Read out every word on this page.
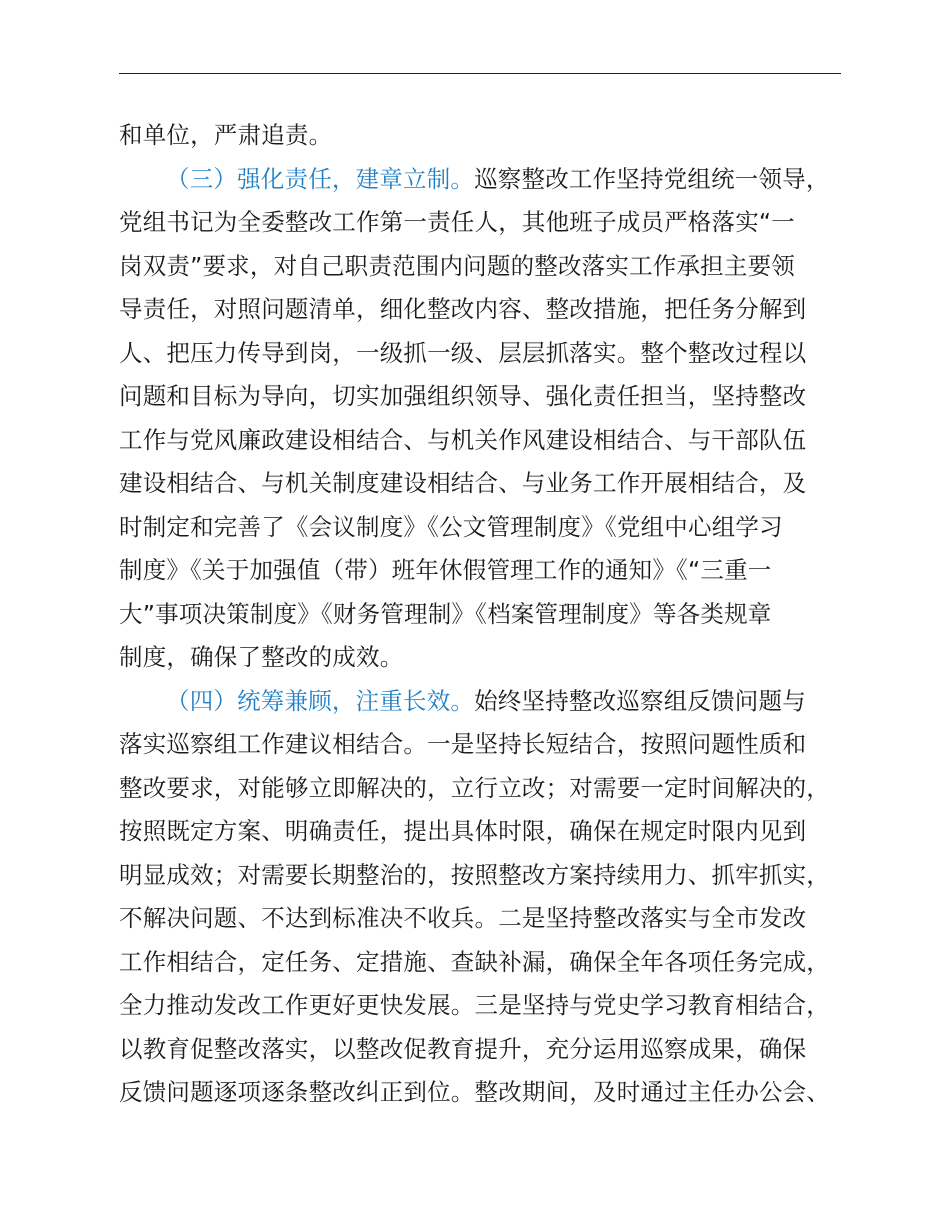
和单位，严肃追责。
（三）强化责任，建章立制。巡察整改工作坚持党组统一领导，
党组书记为全委整改工作第一责任人，其他班子成员严格落实“一
岗双责”要求，对自己职责范围内问题的整改落实工作承担主要领
导责任，对照问题清单，细化整改内容、整改措施，把任务分解到
人、把压力传导到岗，一级抓一级、层层抓落实。整个整改过程以
问题和目标为导向，切实加强组织领导、强化责任担当，坚持整改
工作与党风廉政建设相结合、与机关作风建设相结合、与干部队伍
建设相结合、与机关制度建设相结合、与业务工作开展相结合，及
时制定和完善了《会议制度》《公文管理制度》《党组中心组学习
制度》《关于加强值（带）班年休假管理工作的通知》《“三重一
大”事项决策制度》《财务管理制》《档案管理制度》等各类规章
制度，确保了整改的成效。
（四）统筹兼顾，注重长效。始终坚持整改巡察组反馈问题与
落实巡察组工作建议相结合。一是坚持长短结合，按照问题性质和
整改要求，对能够立即解决的，立行立改；对需要一定时间解决的，
按照既定方案、明确责任，提出具体时限，确保在规定时限内见到
明显成效；对需要长期整治的，按照整改方案持续用力、抓牢抓实，
不解决问题、不达到标准决不收兵。二是坚持整改落实与全市发改
工作相结合，定任务、定措施、查缺补漏，确保全年各项任务完成，
全力推动发改工作更好更快发展。三是坚持与党史学习教育相结合，
以教育促整改落实，以整改促教育提升，充分运用巡察成果，确保
反馈问题逐项逐条整改纠正到位。整改期间，及时通过主任办公会、
